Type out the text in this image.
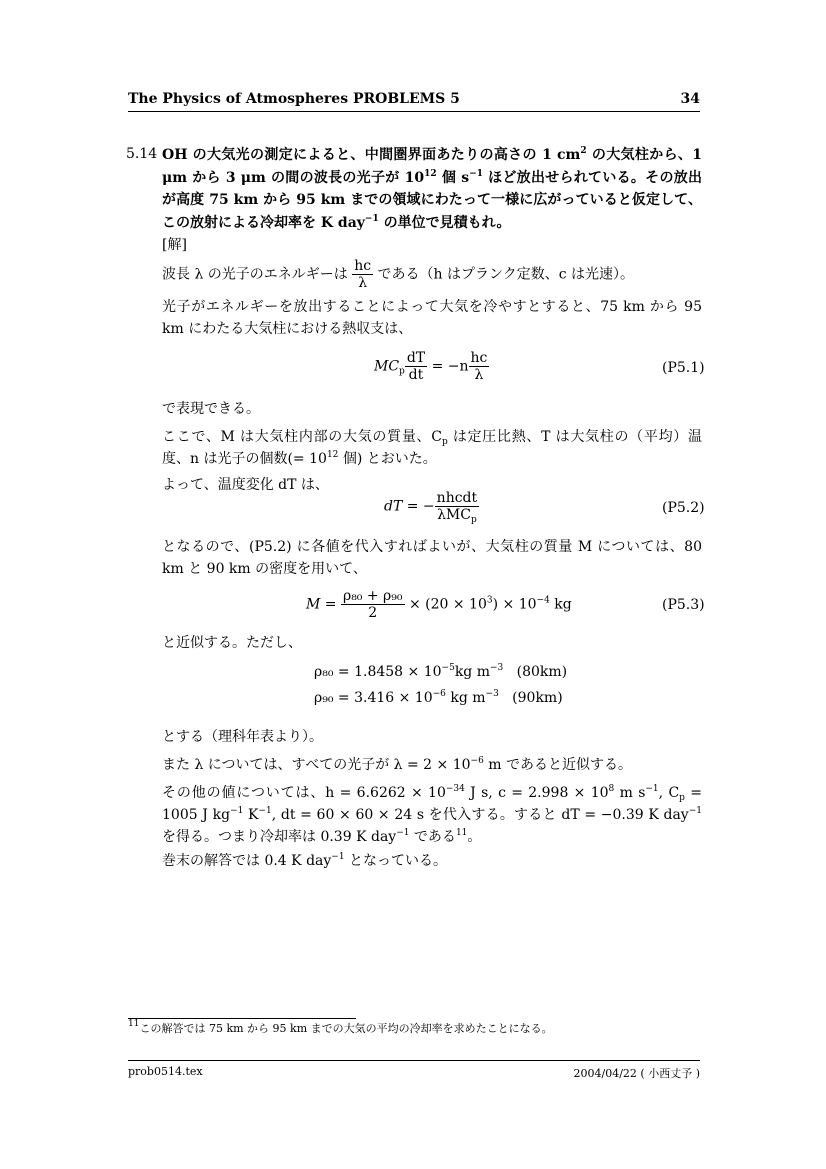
The Physics of Atmospheres PROBLEMS 5	34
5.14 OH の大気光の測定によると、中間圏界面あたりの高さの 1 $cm^2$ の大気柱から、1 μm から 3 μm の間の波長の光子が $10^{12}$ 個 $s^{-1}$ ほど放出せられている。その放出が高度 75 km から 95 km までの領域にわたって一様に広がっていると仮定して、この放射による冷却率を K day$^{-1}$ の単位で見積もれ。
[解]
波長 λ の光子のエネルギーは $\frac{hc}{\lambda}$ である（h はプランク定数、c は光速）。
光子がエネルギーを放出することによって大気を冷やすとすると、75 km から 95 km にわたる大気柱における熱収支は、
$MC_p \frac{dT}{dt} = -n \frac{hc}{\lambda}$	(P5.1)
で表現できる。
ここで、M は大気柱内部の大気の質量、$C_p$ は定圧比熱、T は大気柱の（平均）温度、n は光子の個数(= $10^{12}$ 個) とおいた。
よって、温度変化 dT は、
dT = − $\frac{\text{nhcdt}}{\lambda MC_p}$	(P5.2)
となるので、(P5.2) に各値を代入すればよいが、大気柱の質量 M については、80 km と 90 km の密度を用いて、
$M = \frac{\text{ρ₈₀ + ρ₉₀}}{2} \times (20 \times 10^3) \times 10^{-4}$ kg	(P5.3)
と近似する。ただし、
$\rho_{80} = 1.8458 \times 10^{-5}kg$ $m^{-3}$   (80km)
$\rho_{90} = 3.416 \times 10^{-6}$ kg $m^{-3}$   (90km)
とする（理科年表より）。
また λ については、すべての光子が $\lambda = 2 \times 10^{-6}$ m であると近似する。
その他の値については、$h = 6.6262 \times 10^{-34}$ J s, $c = 2.998 \times 10^8$ m $s^{-1}$, $C_p = 1005$ J $kg^{-1}$ $K^{-1}$, dt = 60 × 60 × 24 s を代入する。すると dT = −0.39 K day$^{-1}$ を得る。つまり冷却率は 0.39 K day$^{-1}$ である$^{11}$。
巻末の解答では 0.4 K day$^{-1}$ となっている。
$^{11}$この解答では 75 km から 95 km までの大気の平均の冷却率を求めたことになる。
prob0514.tex	2004/04/22 ( 小西丈予 )
